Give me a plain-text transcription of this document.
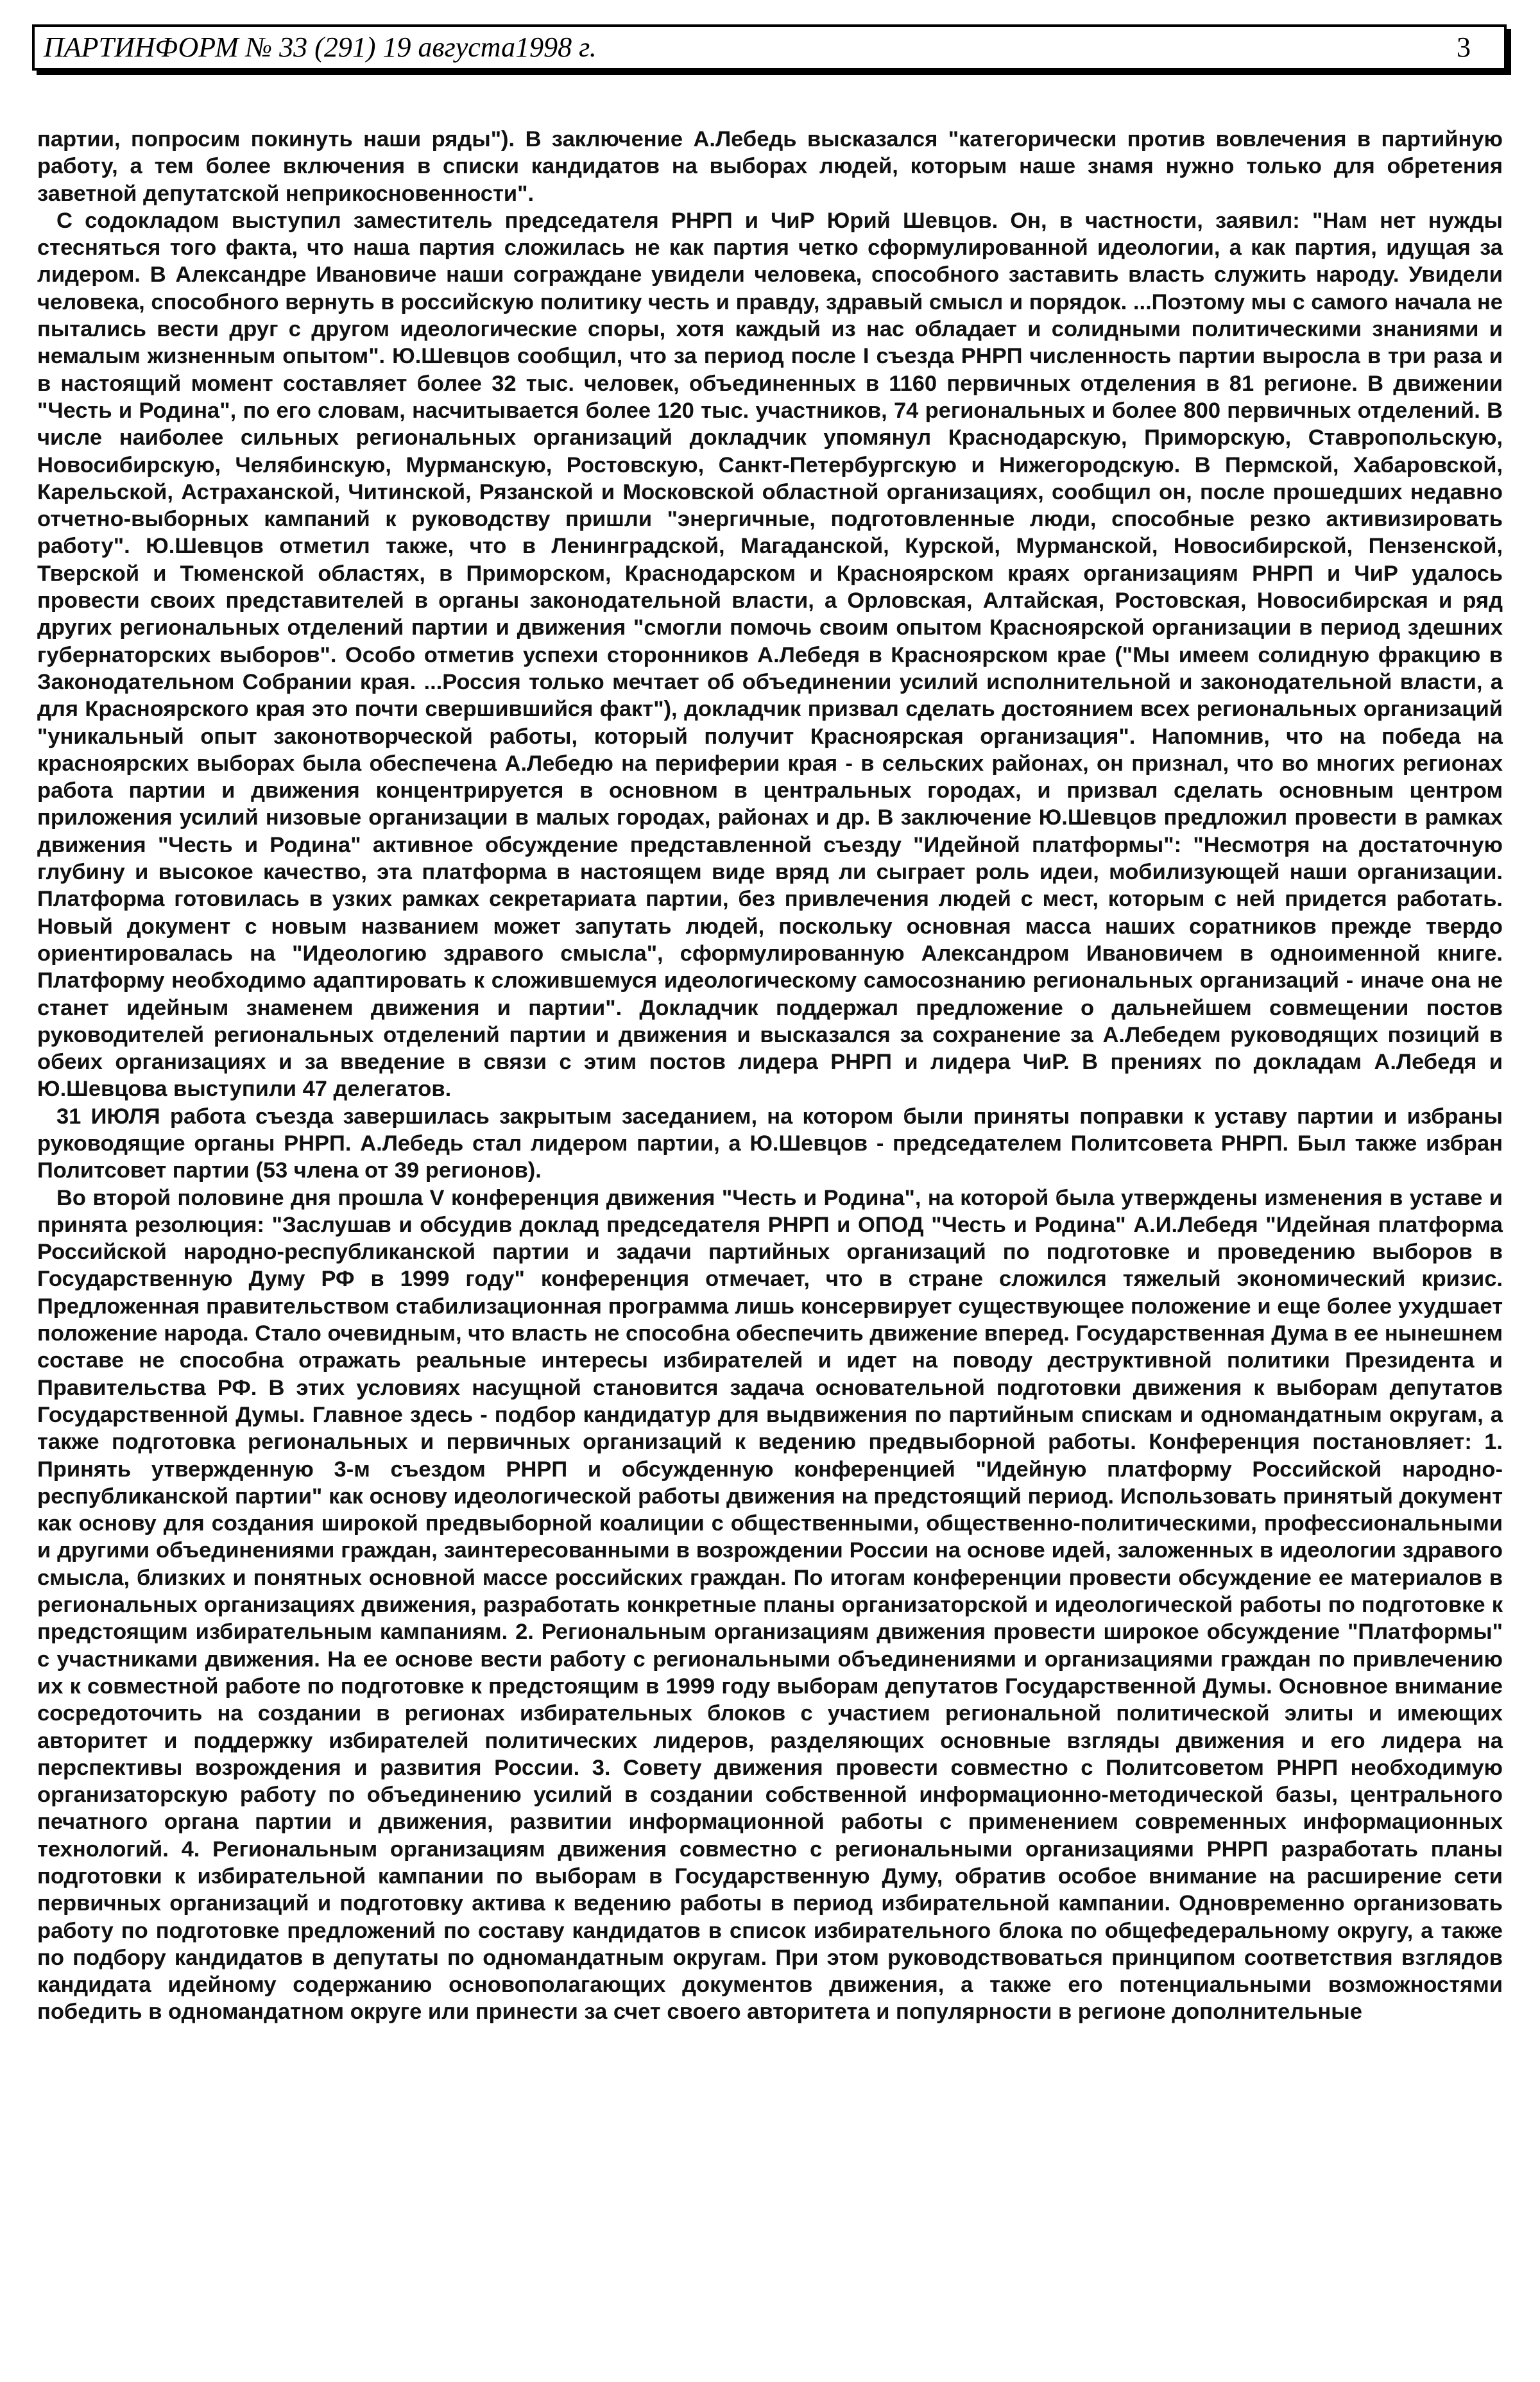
ПАРТИНФОРМ № 33 (291) 19 августа1998 г.	3

партии, попросим покинуть наши ряды"). В заключение А.Лебедь высказался "категорически против вовлечения в партийную работу, а тем более включения в списки кандидатов на выборах людей, которым наше знамя нужно только для обретения заветной депутатской неприкосновенности".

С содокладом выступил заместитель председателя РНРП и ЧиР Юрий Шевцов. Он, в частности, заявил: "Нам нет нужды стесняться того факта, что наша партия сложилась не как партия четко сформулированной идеологии, а как партия, идущая за лидером. В Александре Ивановиче наши сограждане увидели человека, способного заставить власть служить народу. Увидели человека, способного вернуть в российскую политику честь и правду, здравый смысл и порядок. ...Поэтому мы с самого начала не пытались вести друг с другом идеологические споры, хотя каждый из нас обладает и солидными политическими знаниями и немалым жизненным опытом". Ю.Шевцов сообщил, что за период после I съезда РНРП численность партии выросла в три раза и в настоящий момент составляет более 32 тыс. человек, объединенных в 1160 первичных отделения в 81 регионе. В движении "Честь и Родина", по его словам, насчитывается более 120 тыс. участников, 74 региональных и более 800 первичных отделений. В числе наиболее сильных региональных организаций докладчик упомянул Краснодарскую, Приморскую, Ставропольскую, Новосибирскую, Челябинскую, Мурманскую, Ростовскую, Санкт-Петербургскую и Нижегородскую. В Пермской, Хабаровской, Карельской, Астраханской, Читинской, Рязанской и Московской областной организациях, сообщил он, после прошедших недавно отчетно-выборных кампаний к руководству пришли "энергичные, подготовленные люди, способные резко активизировать работу". Ю.Шевцов отметил также, что в Ленинградской, Магаданской, Курской, Мурманской, Новосибирской, Пензенской, Тверской и Тюменской областях, в Приморском, Краснодарском и Красноярском краях организациям РНРП и ЧиР удалось провести своих представителей в органы законодательной власти, а Орловская, Алтайская, Ростовская, Новосибирская и ряд других региональных отделений партии и движения "смогли помочь своим опытом Красноярской организации в период здешних губернаторских выборов". Особо отметив успехи сторонников А.Лебедя в Красноярском крае ("Мы имеем солидную фракцию в Законодательном Собрании края. ...Россия только мечтает об объединении усилий исполнительной и законодательной власти, а для Красноярского края это почти свершившийся факт"), докладчик призвал сделать достоянием всех региональных организаций "уникальный опыт законотворческой работы, который получит Красноярская организация". Напомнив, что на победа на красноярских выборах была обеспечена А.Лебедю на периферии края - в сельских районах, он признал, что во многих регионах работа партии и движения концентрируется в основном в центральных городах, и призвал сделать основным центром приложения усилий низовые организации в малых городах, районах и др. В заключение Ю.Шевцов предложил провести в рамках движения "Честь и Родина" активное обсуждение представленной съезду "Идейной платформы": "Несмотря на достаточную глубину и высокое качество, эта платформа в настоящем виде вряд ли сыграет роль идеи, мобилизующей наши организации. Платформа готовилась в узких рамках секретариата партии, без привлечения людей с мест, которым с ней придется работать. Новый документ с новым названием может запутать людей, поскольку основная масса наших соратников прежде твердо ориентировалась на "Идеологию здравого смысла", сформулированную Александром Ивановичем в одноименной книге. Платформу необходимо адаптировать к сложившемуся идеологическому самосознанию региональных организаций - иначе она не станет идейным знаменем движения и партии". Докладчик поддержал предложение о дальнейшем совмещении постов руководителей региональных отделений партии и движения и высказался за сохранение за А.Лебедем руководящих позиций в обеих организациях и за введение в связи с этим постов лидера РНРП и лидера ЧиР. В прениях по докладам А.Лебедя и Ю.Шевцова выступили 47 делегатов.

31 ИЮЛЯ работа съезда завершилась закрытым заседанием, на котором были приняты поправки к уставу партии и избраны руководящие органы РНРП. А.Лебедь стал лидером партии, а Ю.Шевцов - председателем Политсовета РНРП. Был также избран Политсовет партии (53 члена от 39 регионов).

Во второй половине дня прошла V конференция движения "Честь и Родина", на которой была утверждены изменения в уставе и принята резолюция: "Заслушав и обсудив доклад председателя РНРП и ОПОД "Честь и Родина" А.И.Лебедя "Идейная платформа Российской народно-республиканской партии и задачи партийных организаций по подготовке и проведению выборов в Государственную Думу РФ в 1999 году" конференция отмечает, что в стране сложился тяжелый экономический кризис. Предложенная правительством стабилизационная программа лишь консервирует существующее положение и еще более ухудшает положение народа. Стало очевидным, что власть не способна обеспечить движение вперед. Государственная Дума в ее нынешнем составе не способна отражать реальные интересы избирателей и идет на поводу деструктивной политики Президента и Правительства РФ. В этих условиях насущной становится задача основательной подготовки движения к выборам депутатов Государственной Думы. Главное здесь - подбор кандидатур для выдвижения по партийным спискам и одномандатным округам, а также подготовка региональных и первичных организаций к ведению предвыборной работы. Конференция постановляет: 1. Принять утвержденную 3-м съездом РНРП и обсужденную конференцией "Идейную платформу Российской народно-республиканской партии" как основу идеологической работы движения на предстоящий период. Использовать принятый документ как основу для создания широкой предвыборной коалиции с общественными, общественно-политическими, профессиональными и другими объединениями граждан, заинтересованными в возрождении России на основе идей, заложенных в идеологии здравого смысла, близких и понятных основной массе российских граждан. По итогам конференции провести обсуждение ее материалов в региональных организациях движения, разработать конкретные планы организаторской и идеологической работы по подготовке к предстоящим избирательным кампаниям. 2. Региональным организациям движения провести широкое обсуждение "Платформы" с участниками движения. На ее основе вести работу с региональными объединениями и организациями граждан по привлечению их к совместной работе по подготовке к предстоящим в 1999 году выборам депутатов Государственной Думы. Основное внимание сосредоточить на создании в регионах избирательных блоков с участием региональной политической элиты и имеющих авторитет и поддержку избирателей политических лидеров, разделяющих основные взгляды движения и его лидера на перспективы возрождения и развития России. 3. Совету движения провести совместно с Политсоветом РНРП необходимую организаторскую работу по объединению усилий в создании собственной информационно-методической базы, центрального печатного органа партии и движения, развитии информационной работы с применением современных информационных технологий. 4. Региональным организациям движения совместно с региональными организациями РНРП разработать планы подготовки к избирательной кампании по выборам в Государственную Думу, обратив особое внимание на расширение сети первичных организаций и подготовку актива к ведению работы в период избирательной кампании. Одновременно организовать работу по подготовке предложений по составу кандидатов в список избирательного блока по общефедеральному округу, а также по подбору кандидатов в депутаты по одномандатным округам. При этом руководствоваться принципом соответствия взглядов кандидата идейному содержанию основополагающих документов движения, а также его потенциальными возможностями победить в одномандатном округе или принести за счет своего авторитета и популярности в регионе дополнительные
